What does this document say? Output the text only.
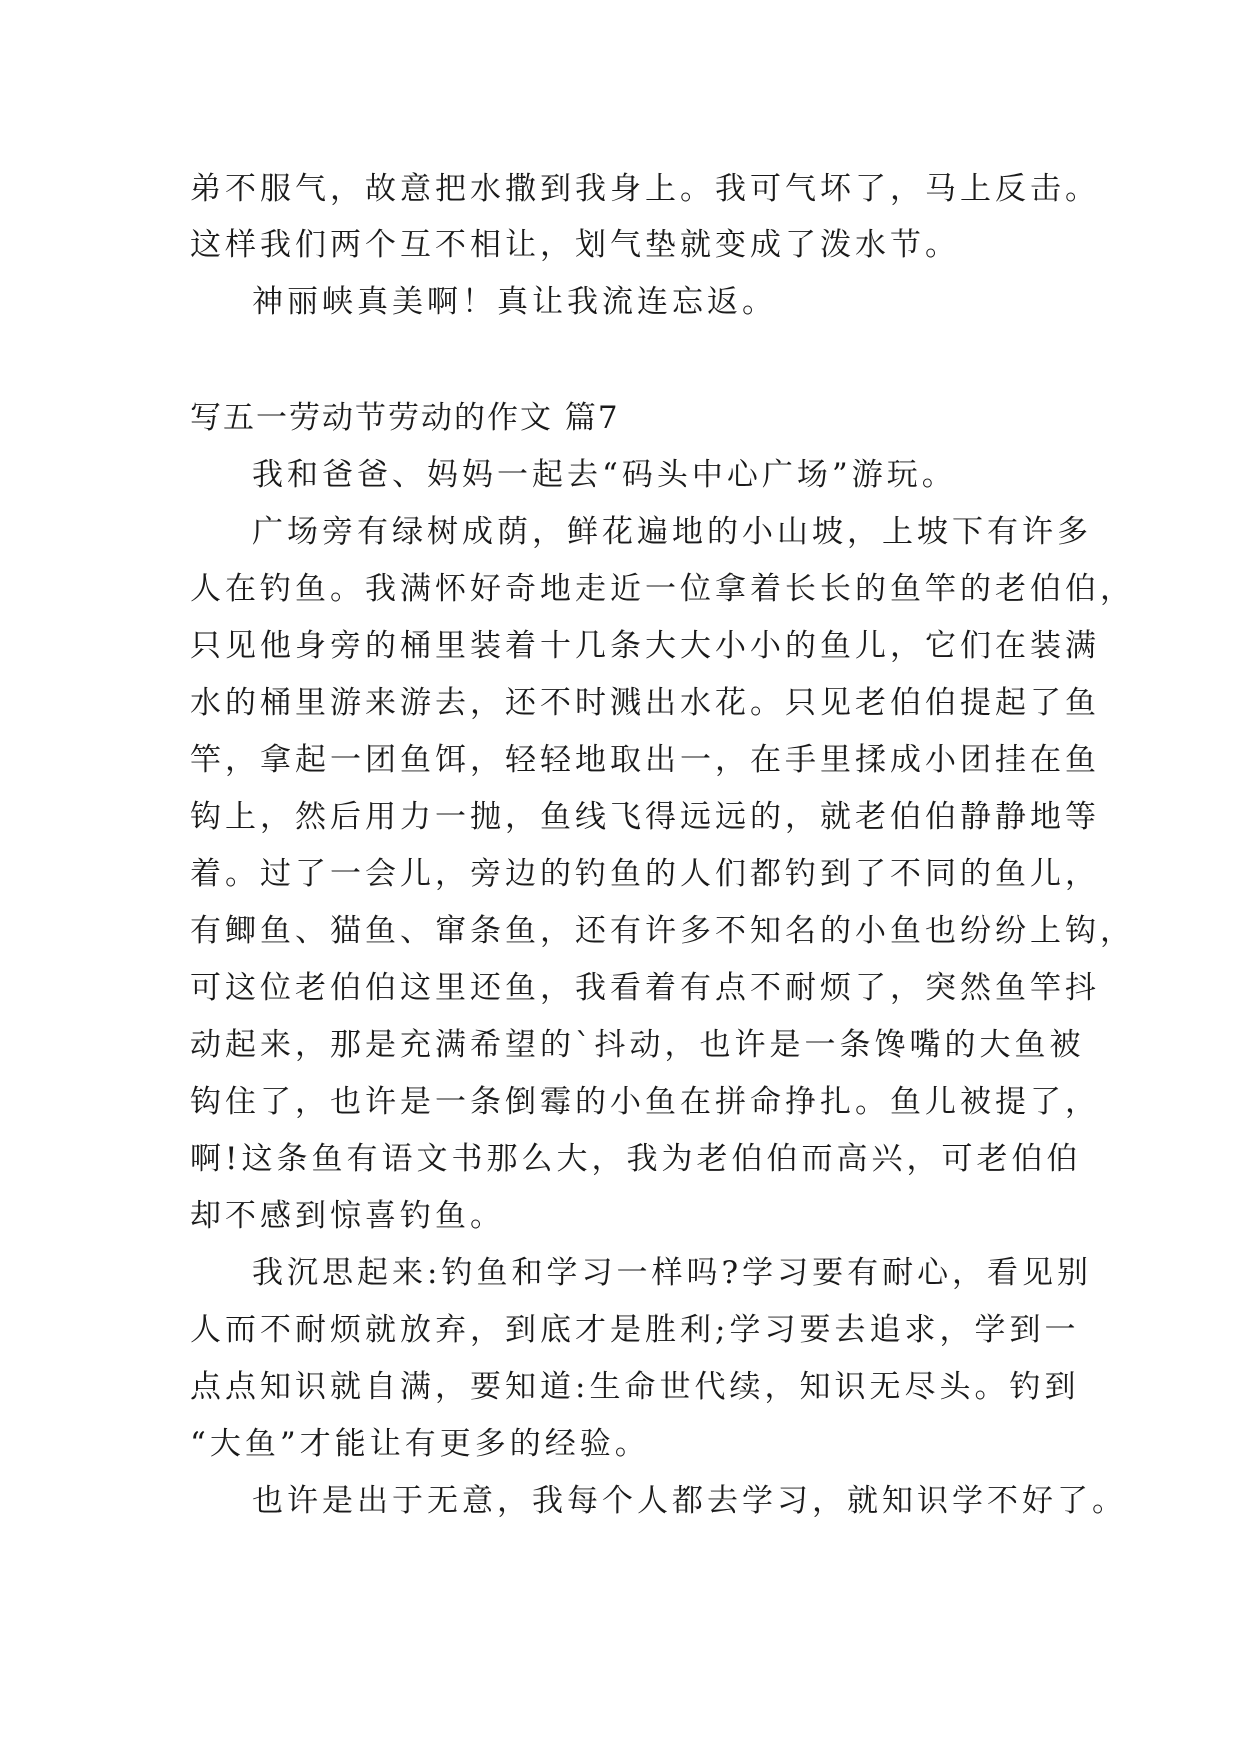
弟不服气，故意把水撒到我身上。我可气坏了，马上反击。
这样我们两个互不相让，划气垫就变成了泼水节。
神丽峡真美啊！真让我流连忘返。
写五一劳动节劳动的作文 篇7
我和爸爸、妈妈一起去“码头中心广场”游玩。
广场旁有绿树成荫，鲜花遍地的小山坡，上坡下有许多
人在钓鱼。我满怀好奇地走近一位拿着长长的鱼竿的老伯伯，
只见他身旁的桶里装着十几条大大小小的鱼儿，它们在装满
水的桶里游来游去，还不时溅出水花。只见老伯伯提起了鱼
竿，拿起一团鱼饵，轻轻地取出一，在手里揉成小团挂在鱼
钩上，然后用力一抛，鱼线飞得远远的，就老伯伯静静地等
着。过了一会儿，旁边的钓鱼的人们都钓到了不同的鱼儿，
有鲫鱼、猫鱼、窜条鱼，还有许多不知名的小鱼也纷纷上钩，
可这位老伯伯这里还鱼，我看着有点不耐烦了，突然鱼竿抖
动起来，那是充满希望的`抖动，也许是一条馋嘴的大鱼被
钩住了，也许是一条倒霉的小鱼在拼命挣扎。鱼儿被提了，
啊!这条鱼有语文书那么大，我为老伯伯而高兴，可老伯伯
却不感到惊喜钓鱼。
我沉思起来:钓鱼和学习一样吗?学习要有耐心，看见别
人而不耐烦就放弃，到底才是胜利;学习要去追求，学到一
点点知识就自满，要知道:生命世代续，知识无尽头。钓到
“大鱼”才能让有更多的经验。
也许是出于无意，我每个人都去学习，就知识学不好了。
